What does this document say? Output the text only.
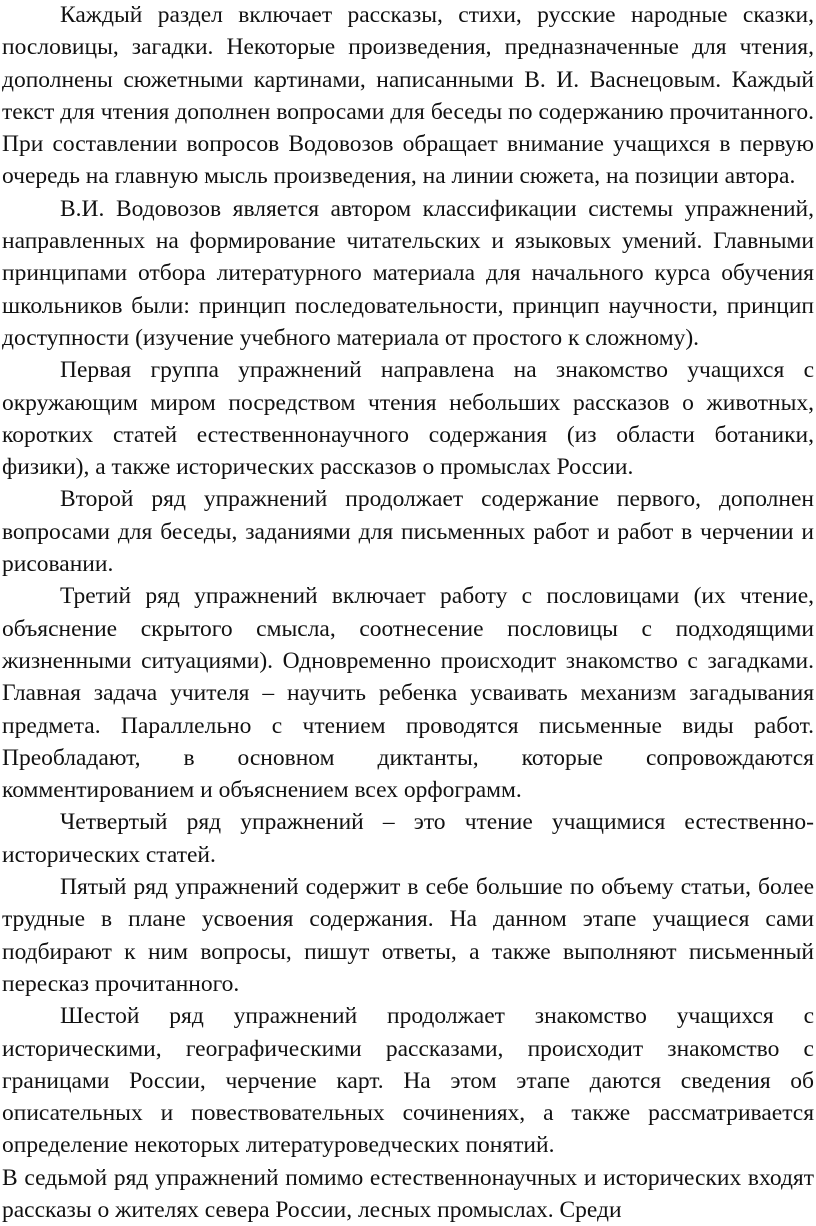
Каждый раздел включает рассказы, стихи, русские народные сказки, пословицы, загадки. Некоторые произведения, предназначенные для чтения, дополнены сюжетными картинами, написанными В. И. Васнецовым. Каждый текст для чтения дополнен вопросами для беседы по содержанию прочитанного. При составлении вопросов Водовозов обращает внимание учащихся в первую очередь на главную мысль произведения, на линии сюжета, на позиции автора.

В.И. Водовозов является автором классификации системы упражнений, направленных на формирование читательских и языковых умений. Главными принципами отбора литературного материала для начального курса обучения школьников были: принцип последовательности, принцип научности, принцип доступности (изучение учебного материала от простого к сложному).

Первая группа упражнений направлена на знакомство учащихся с окружающим миром посредством чтения небольших рассказов о животных, коротких статей естественнонаучного содержания (из области ботаники, физики), а также исторических рассказов о промыслах России.

Второй ряд упражнений продолжает содержание первого, дополнен вопросами для беседы, заданиями для письменных работ и работ в черчении и рисовании.

Третий ряд упражнений включает работу с пословицами (их чтение, объяснение скрытого смысла, соотнесение пословицы с подходящими жизненными ситуациями). Одновременно происходит знакомство с загадками. Главная задача учителя – научить ребенка усваивать механизм загадывания предмета. Параллельно с чтением проводятся письменные виды работ. Преобладают, в основном диктанты, которые сопровождаются комментированием и объяснением всех орфограмм.

Четвертый ряд упражнений – это чтение учащимися естественно-исторических статей.

Пятый ряд упражнений содержит в себе большие по объему статьи, более трудные в плане усвоения содержания. На данном этапе учащиеся сами подбирают к ним вопросы, пишут ответы, а также выполняют письменный пересказ прочитанного.

Шестой ряд упражнений продолжает знакомство учащихся с историческими, географическими рассказами, происходит знакомство с границами России, черчение карт. На этом этапе даются сведения об описательных и повествовательных сочинениях, а также рассматривается определение некоторых литературоведческих понятий.

В седьмой ряд упражнений помимо естественнонаучных и исторических входят рассказы о жителях севера России, лесных промыслах. Среди
